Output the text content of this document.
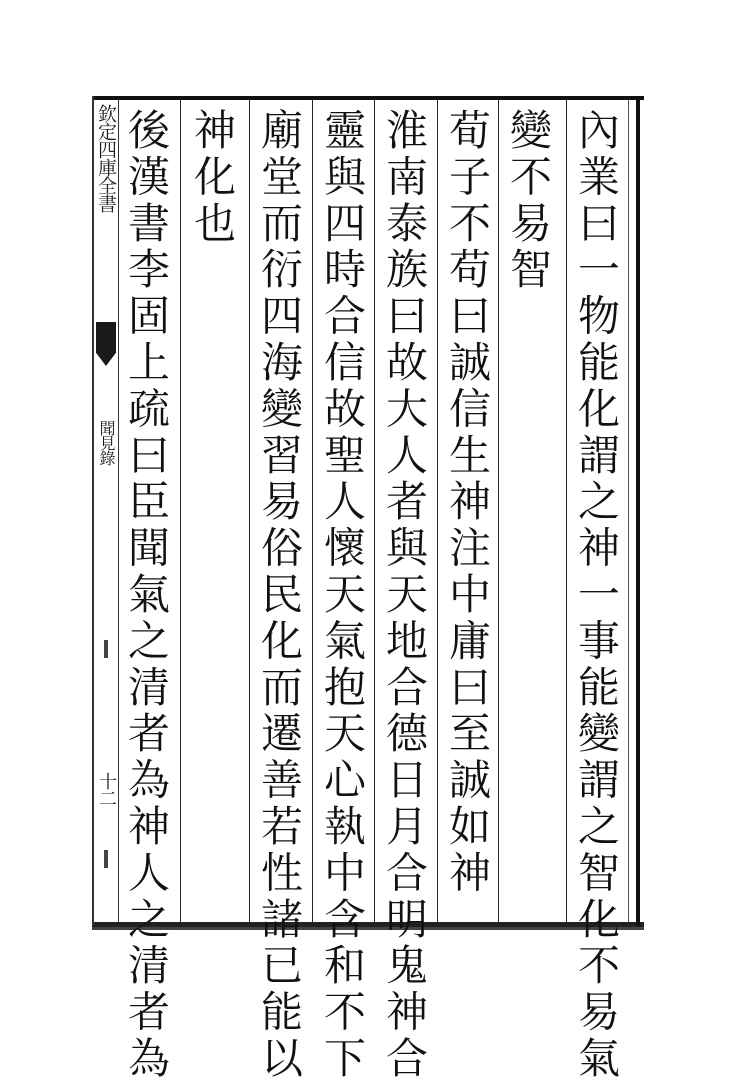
欽定四庫全書
聞見錄
十二	內業曰一物能化謂之神一事能變謂之智化不易氣
變不易智
荀子不苟曰誠信生神注中庸曰至誠如神
淮南泰族曰故大人者與天地合德日月合明鬼神合
靈與四時合信故聖人懷天氣抱天心執中含和不下
廟堂而衍四海變習易俗民化而遷善若性諸已能以
神化也
後漢書李固上疏曰臣聞氣之清者為神人之清者為
